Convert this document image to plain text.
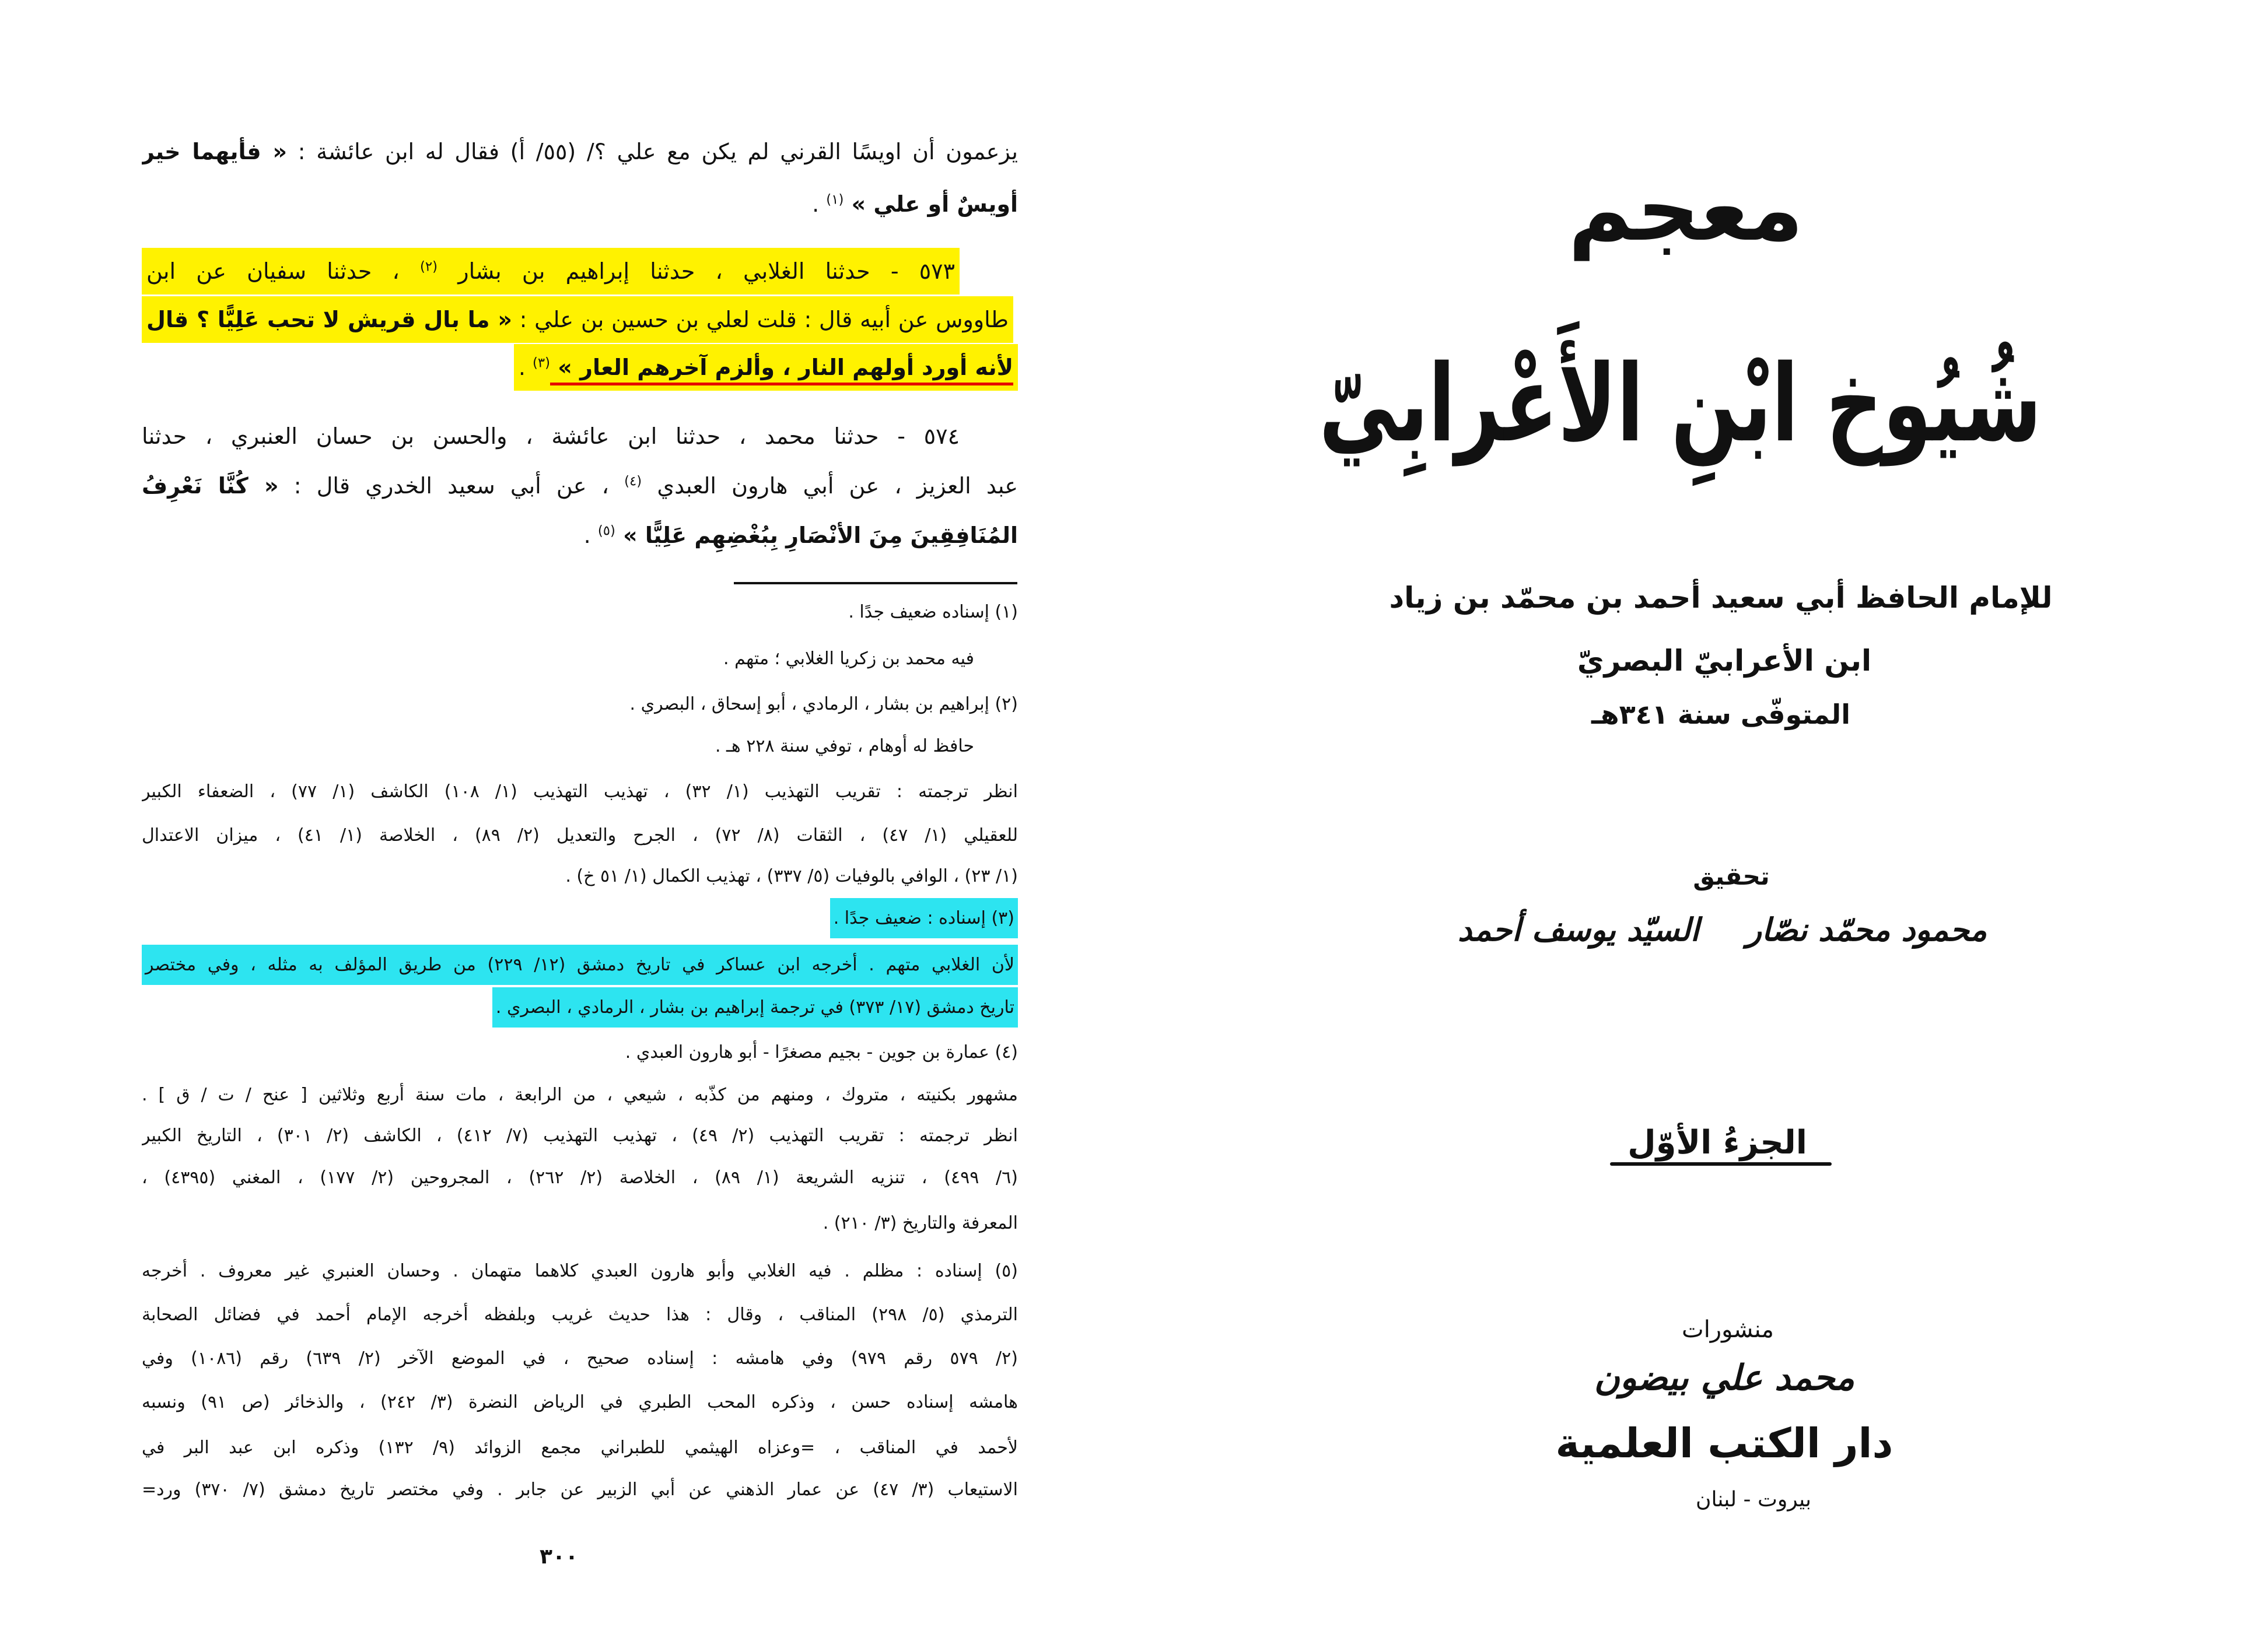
يزعمون أن اويسًا القرني لم يكن مع علي ؟/ (٥٥/ أ) فقال له ابن عائشة : « فأيهما خير
أويسٌ أو علي » $^{(١)}$ .
٥٧٣ - حدثنا الغلابي ، حدثنا إبراهيم بن بشار $^{(٢)}$ ، حدثنا سفيان عن ابن
طاووس عن أبيه قال : قلت لعلي بن حسين بن علي : « ما بال قريش لا تحب عَلِيًّا ؟ قال
لأنه أورد أولهم النار ، وألزم آخرهم العار » $^{(٣)}$ .
٥٧٤ - حدثنا محمد ، حدثنا ابن عائشة ، والحسن بن حسان العنبري ، حدثنا
عبد العزيز ، عن أبي هارون العبدي $^{(٤)}$ ، عن أبي سعيد الخدري قال : « كُنَّا نَعْرِفُ
المُنَافِقِينَ مِنَ الأنْصَارِ بِبُغْضِهِم عَلِيًّا » $^{(٥)}$ .
(١) إسناده ضعيف جدًا .
فيه محمد بن زكريا الغلابي ؛ متهم .
(٢) إبراهيم بن بشار ، الرمادي ، أبو إسحاق ، البصري .
حافظ له أوهام ، توفي سنة ٢٢٨ هـ .
انظر ترجمته : تقريب التهذيب (١/ ٣٢) ، تهذيب التهذيب (١/ ١٠٨) الكاشف (١/ ٧٧) ، الضعفاء الكبير
للعقيلي (١/ ٤٧) ، الثقات (٨/ ٧٢) ، الجرح والتعديل (٢/ ٨٩) ، الخلاصة (١/ ٤١) ، ميزان الاعتدال
(١/ ٢٣) ، الوافي بالوفيات (٥/ ٣٣٧) ، تهذيب الكمال (١/ ٥١ خ) .
(٣) إسناده : ضعيف جدًا .
لأن الغلابي متهم . أخرجه ابن عساكر في تاريخ دمشق (١٢/ ٢٢٩) من طريق المؤلف به مثله ، وفي مختصر
تاريخ دمشق (١٧/ ٣٧٣) في ترجمة إبراهيم بن بشار ، الرمادي ، البصري .
(٤) عمارة بن جوين - بجيم مصغرًا - أبو هارون العبدي .
مشهور بكنيته ، متروك ، ومنهم من كذّبه ، شيعي ، من الرابعة ، مات سنة أربع وثلاثين [ عنح / ت / ق ] .
انظر ترجمته : تقريب التهذيب (٢/ ٤٩) ، تهذيب التهذيب (٧/ ٤١٢) ، الكاشف (٢/ ٣٠١) ، التاريخ الكبير
(٦/ ٤٩٩) ، تنزيه الشريعة (١/ ٨٩) ، الخلاصة (٢/ ٢٦٢) ، المجروحين (٢/ ١٧٧) ، المغني (٤٣٩٥) ،
المعرفة والتاريخ (٣/ ٢١٠) .
(٥) إسناده : مظلم . فيه الغلابي وأبو هارون العبدي كلاهما متهمان . وحسان العنبري غير معروف . أخرجه
الترمذي (٥/ ٢٩٨) المناقب ، وقال : هذا حديث غريب وبلفظه أخرجه الإمام أحمد في فضائل الصحابة
(٢/ ٥٧٩ رقم ٩٧٩) وفي هامشه : إسناده صحيح ، في الموضع الآخر (٢/ ٦٣٩) رقم (١٠٨٦) وفي
هامشه إسناده حسن ، وذكره المحب الطبري في الرياض النضرة (٣/ ٢٤٢) ، والذخائر (ص ٩١) ونسبه
لأحمد في المناقب ، =وعزاه الهيثمي للطبراني مجمع الزوائد (٩/ ١٣٢) وذكره ابن عبد البر في
الاستيعاب (٣/ ٤٧) عن عمار الذهني عن أبي الزبير عن جابر . وفي مختصر تاريخ دمشق (٧/ ٣٧٠) ورد=
٣٠٠
معجم
شُيُوخ ابْنِ الأَعْرابِيّ
للإمام الحافظ أبي سعيد أحمد بن محمّد بن زياد
ابن الأعرابيّ البصريّ
المتوفّى سنة ٣٤١هـ
تحقيق
محمود محمّد نصّار
السيّد يوسف أحمد
الجزءُ الأوّل
منشورات
محمد علي بيضون
دار الكتب العلمية
بيروت - لبنان
